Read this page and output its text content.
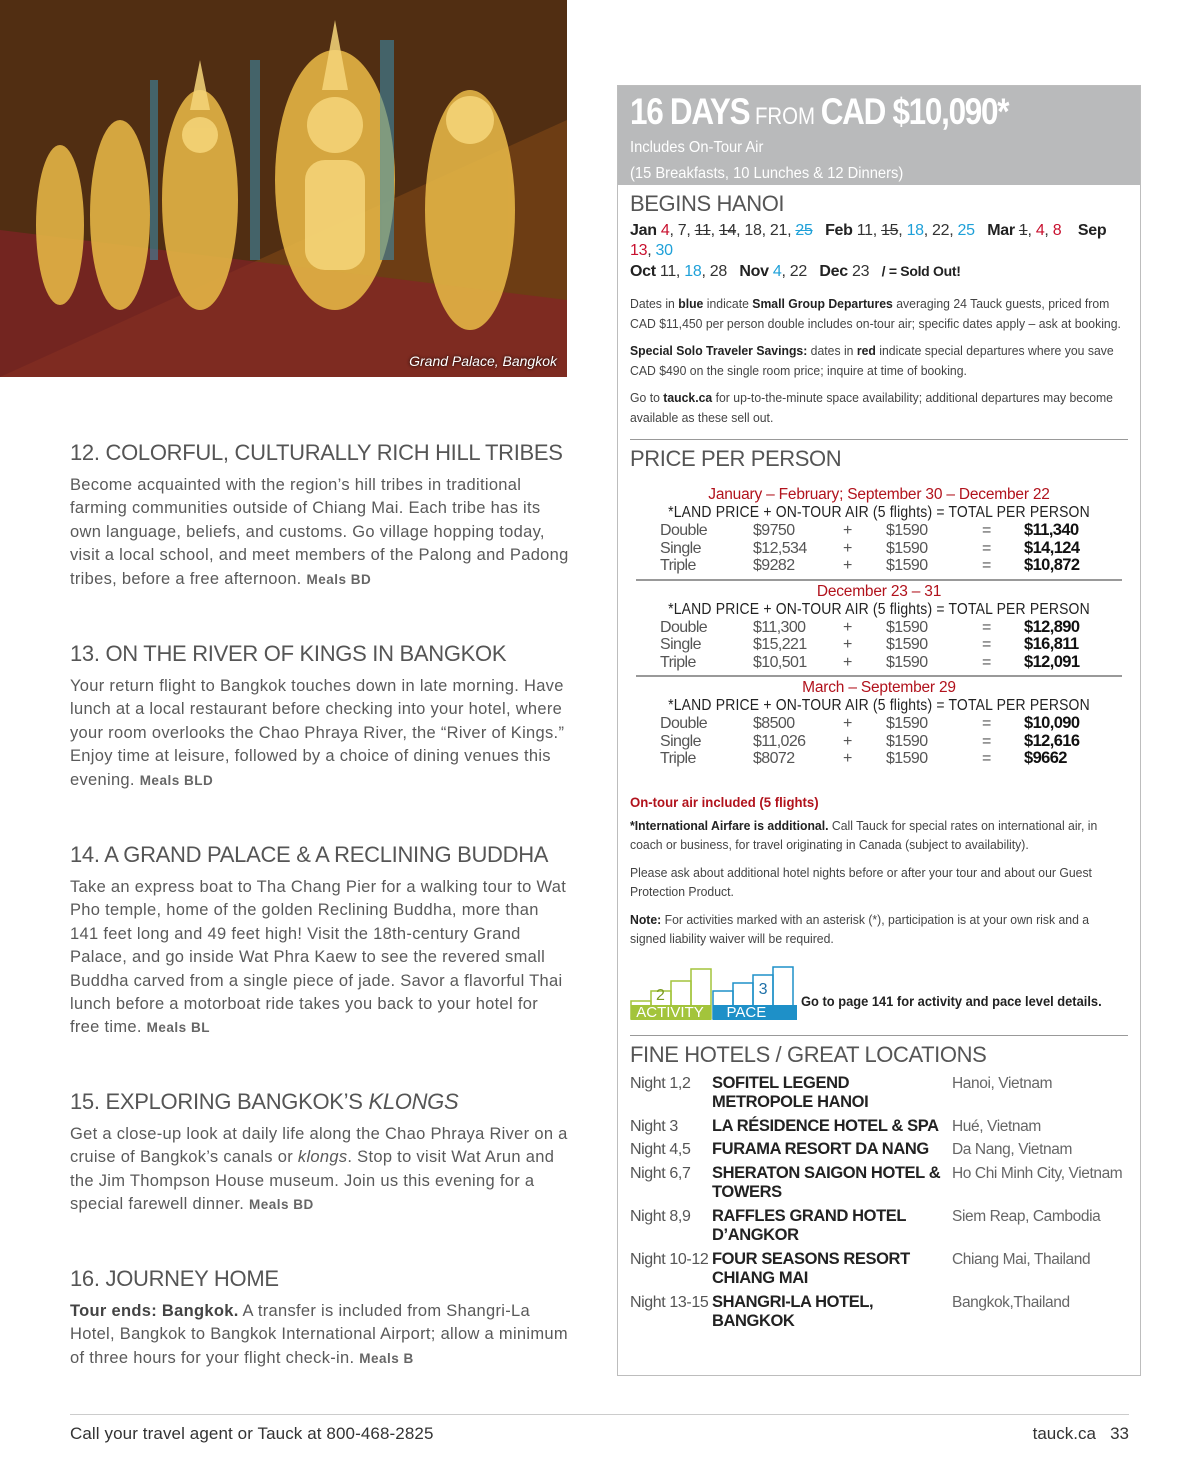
Grand Palace, Bangkok
12. COLORFUL, CULTURALLY RICH HILL TRIBES

Become acquainted with the region’s hill tribes in traditional farming communities outside of Chiang Mai. Each tribe has its own language, beliefs, and customs. Go village hopping today, visit a local school, and meet members of the Palong and Padong tribes, before a free afternoon. Meals BD

13. ON THE RIVER OF KINGS IN BANGKOK

Your return flight to Bangkok touches down in late morning. Have lunch at a local restaurant before checking into your hotel, where your room overlooks the Chao Phraya River, the “River of Kings.” Enjoy time at leisure, followed by a choice of dining venues this evening. Meals BLD

14. A GRAND PALACE & A RECLINING BUDDHA

Take an express boat to Tha Chang Pier for a walking tour to Wat Pho temple, home of the golden Reclining Buddha, more than 141 feet long and 49 feet high! Visit the 18th-century Grand Palace, and go inside Wat Phra Kaew to see the revered small Buddha carved from a single piece of jade. Savor a flavorful Thai lunch before a motorboat ride takes you back to your hotel for free time. Meals BL

15. EXPLORING BANGKOK’S KLONGS

Get a close-up look at daily life along the Chao Phraya River on a cruise of Bangkok’s canals or klongs. Stop to visit Wat Arun and the Jim Thompson House museum. Join us this evening for a special farewell dinner. Meals BD

16. JOURNEY HOME

Tour ends: Bangkok. A transfer is included from Shangri-La Hotel, Bangkok to Bangkok International Airport; allow a minimum of three hours for your flight check-in. Meals B

16 DAYS FROM CAD $10,090*
Includes On-Tour Air
(15 Breakfasts, 10 Lunches & 12 Dinners)
BEGINS HANOI
Jan 4, 7, 11, 14, 18, 21, 25 Feb 11, 15, 18, 22, 25 Mar 1, 4, 8 Sep 13, 30
Oct 11, 18, 28   Nov 4, 22   Dec 23   / = Sold Out!

Dates in blue indicate Small Group Departures averaging 24 Tauck guests, priced from CAD $11,450 per person double includes on-tour air; specific dates apply – ask at booking.

Special Solo Traveler Savings: dates in red indicate special departures where you save CAD $490 on the single room price; inquire at time of booking.

Go to tauck.ca for up-to-the-minute space availability; additional departures may become available as these sell out.

PRICE PER PERSON
January – February; September 30 – December 22
*LAND PRICE + ON-TOUR AIR (5 flights) = TOTAL PER PERSON
Double	$9750	+	$1590	=	$11,340
Single	$12,534	+	$1590	=	$14,124
Triple	$9282	+	$1590	=	$10,872
December 23 – 31
*LAND PRICE + ON-TOUR AIR (5 flights) = TOTAL PER PERSON
Double	$11,300	+	$1590	=	$12,890
Single	$15,221	+	$1590	=	$16,811
Triple	$10,501	+	$1590	=	$12,091
March – September 29
*LAND PRICE + ON-TOUR AIR (5 flights) = TOTAL PER PERSON
Double	$8500	+	$1590	=	$10,090
Single	$11,026	+	$1590	=	$12,616
Triple	$8072	+	$1590	=	$9662
On-tour air included (5 flights)

*International Airfare is additional. Call Tauck for special rates on international air, in coach or business, for travel originating in Canada (subject to availability).

Please ask about additional hotel nights before or after your tour and about our Guest Protection Product.

Note: For activities marked with an asterisk (*), participation is at your own risk and a signed liability waiver will be required.

2
ACTIVITY
3
PACE
Go to page 141 for activity and pace level details.
FINE HOTELS / GREAT LOCATIONS
Night 1,2	SOFITEL LEGEND METROPOLE HANOI	Hanoi, Vietnam
Night 3	LA RÉSIDENCE HOTEL & SPA	Hué, Vietnam
Night 4,5	FURAMA RESORT DA NANG	Da Nang, Vietnam
Night 6,7	SHERATON SAIGON HOTEL & TOWERS	Ho Chi Minh City, Vietnam
Night 8,9	RAFFLES GRAND HOTEL D’ANGKOR	Siem Reap, Cambodia
Night 10-12	FOUR SEASONS RESORT CHIANG MAI	Chiang Mai, Thailand
Night 13-15	SHANGRI-LA HOTEL, BANGKOK	Bangkok,Thailand
Call your travel agent or Tauck at 800-468-2825	tauck.ca 33
